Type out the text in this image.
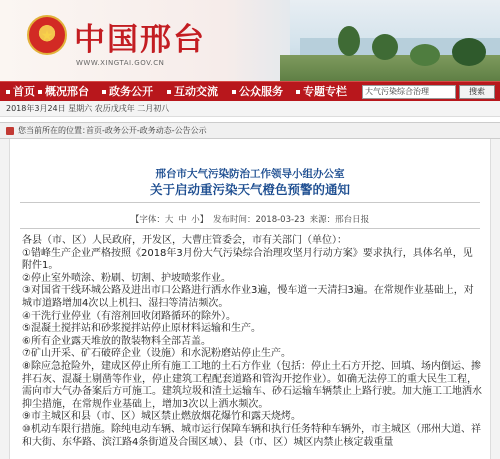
★ 中国邢台
WWW.XINGTAI.GOV.CN
首页 概况邢台	政务公开	互动交流	公众服务	专题专栏	大气污染综合治理	搜索
2018年3月24日 星期六 农历戊戌年 二月初八
您当前所在的位置：
首页-政务公开-政务动态-公告公示
邢台市大气污染防治工作领导小组办公室
关于启动重污染天气橙色预警的通知
【字体：大 中 小】 发布时间：2018-03-23 来源：邢台日报

各县（市、区）人民政府，开发区，大曹庄管委会，市有关部门（单位）：

①错峰生产企业严格按照《2018年3月份大气污染综合治理攻坚月行动方案》要求执行，具体名单，见附件1。

②停止室外喷涂、粉刷、切割、护坡喷浆作业。

③对国省干线环城公路及进出市口公路进行洒水作业3遍，慢车道一天清扫3遍。在常规作业基础上，对城市道路增加4次以上机扫、湿扫等清洁频次。

④干洗行业停业（有溶剂回收闭路循环的除外）。

⑤混凝土搅拌站和砂浆搅拌站停止原材料运输和生产。

⑥所有企业露天堆放的散装物料全部苫盖。

⑦矿山开采、矿石破碎企业（设施）和水泥粉磨站停止生产。

⑧除应急抢险外，建成区停止所有施工工地的土石方作业（包括：停止土石方开挖、回填、场内倒运、掺拌石灰、混凝土剔凿等作业，停止建筑工程配套道路和管沟开挖作业）。如确无法停工的重大民生工程，需向市大气办备案后方可施工。建筑垃圾和渣土运输车、砂石运输车辆禁止上路行驶。加大施工工地洒水抑尘措施，在常规作业基础上，增加3次以上洒水频次。

⑨市主城区和县（市、区）城区禁止燃放烟花爆竹和露天烧烤。

⑩机动车限行措施。除纯电动车辆、城市运行保障车辆和执行任务特种车辆外，市主城区（邢州大道、祥和大街、东华路、滨江路4条街道及合围区域）、县（市、区）城区内禁止核定载重量
